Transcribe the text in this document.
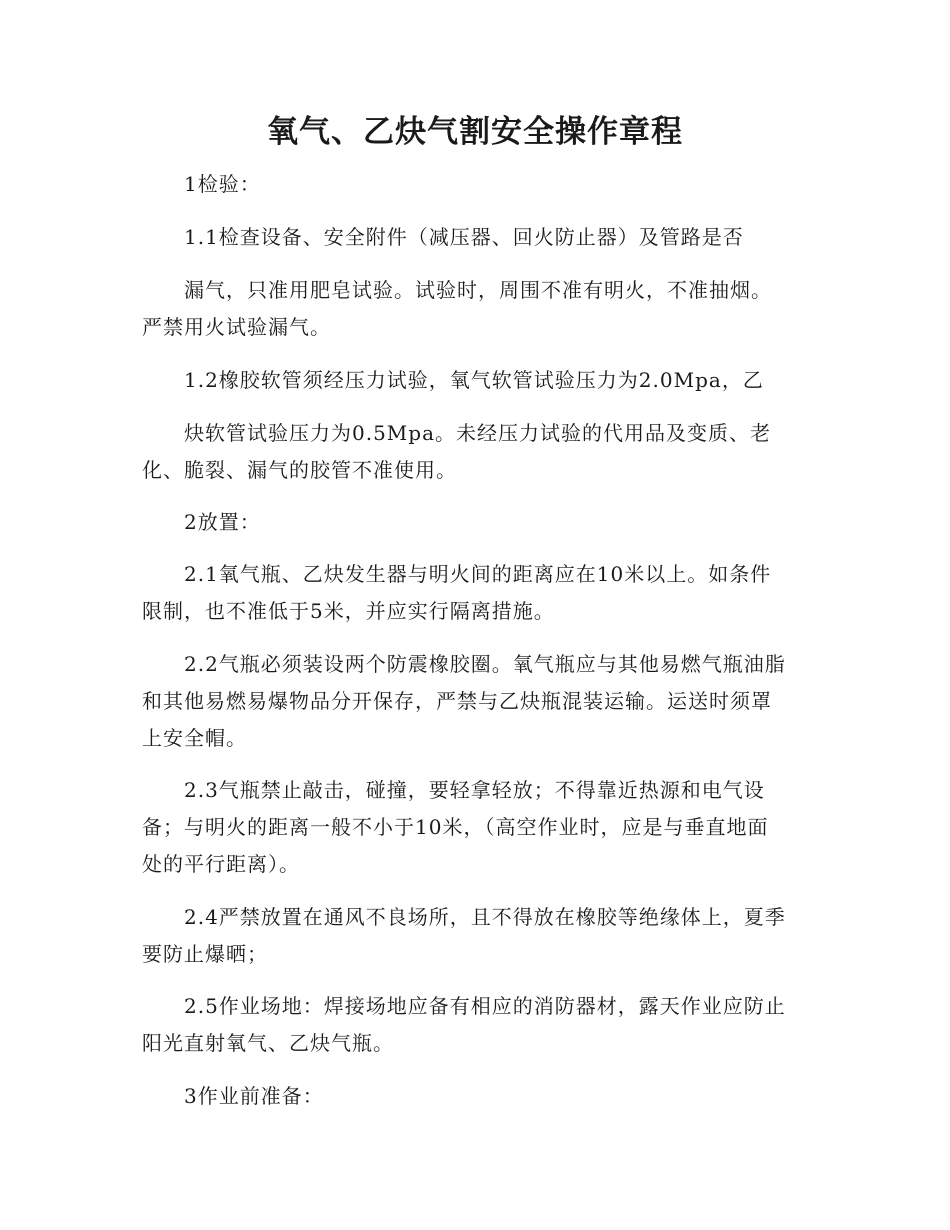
氧气、乙炔气割安全操作章程

1检验：

1.1检查设备、安全附件（减压器、回火防止器）及管路是否

漏气，只准用肥皂试验。试验时，周围不准有明火，不准抽烟。

严禁用火试验漏气。

1.2橡胶软管须经压力试验，氧气软管试验压力为2.0Mpa，乙

炔软管试验压力为0.5Mpa。未经压力试验的代用品及变质、老

化、脆裂、漏气的胶管不准使用。

2放置：

2.1氧气瓶、乙炔发生器与明火间的距离应在10米以上。如条件

限制，也不准低于5米，并应实行隔离措施。

2.2气瓶必须装设两个防震橡胶圈。氧气瓶应与其他易燃气瓶油脂

和其他易燃易爆物品分开保存，严禁与乙炔瓶混装运输。运送时须罩

上安全帽。

2.3气瓶禁止敲击，碰撞，要轻拿轻放；不得靠近热源和电气设

备；与明火的距离一般不小于10米，（高空作业时，应是与垂直地面

处的平行距离）。

2.4严禁放置在通风不良场所，且不得放在橡胶等绝缘体上，夏季

要防止爆晒；

2.5作业场地：焊接场地应备有相应的消防器材，露天作业应防止

阳光直射氧气、乙炔气瓶。

3作业前准备：
